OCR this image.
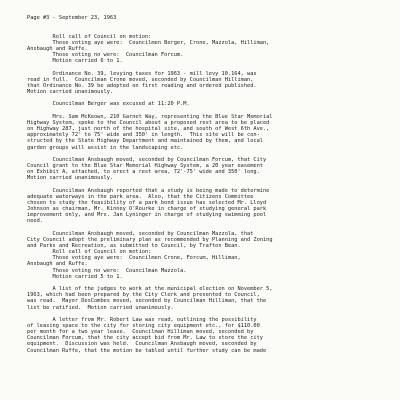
Page #3 - September 23, 1963

Roll call of Council on motion:
Those voting aye were:  Councilmen Berger, Crone, Mazzola, Hilliman,
Ansbaugh and Ruffe.
Those voting no were:  Councilman Forcum.
Motion carried 6 to 1.
Ordinance No. 39, levying taxes for 1963 - mill levy 10.164, was
read in full.  Councilman Crone moved, seconded by Councilman Hilliman,
that Ordinance No. 39 be adopted on first reading and ordered published.
Motion carried unanimously.
Councilman Berger was excused at 11:20 P.M.
Mrs. Sam McKeown, 210 Garnet Way, representing the Blue Star Memorial
Highway System, spoke to the Council about a proposed rest area to be placed
on Highway 287, just north of the hospital site, and south of West 6th Ave.,
approximately 72' to 75' wide and 350' in length.  This site will be con-
structed by the State Highway Department and maintained by them, and local
garden groups will assist in the landscaping etc.
Councilman Ansbaugh moved, seconded by Councilman Forcum, that City
Council grant to the Blue Star Memorial Highway System, a 20 year easement
on Exhibit A, attached, to erect a rest area, 72'-75' wide and 350' long.
Motion carried unanimously.
Councilman Ansbaugh reported that a study is being made to determine
adequate waterways in the park area.  Also, that the Citizens Committee
chosen to study the feasibility of a park bond issue has selected Mr. Lloyd
Johnson as chairman, Mr. Kinney O'Rourke in charge of studying general park
improvement only, and Mrs. Jan Lyninger in charge of studying swimming pool
need.
Councilman Ansbaugh moved, seconded by Councilman Mazzola, that
City Council adopt the preliminary plan as recommended by Planning and Zoning
and Parks and Recreation, as submitted to Council, by Trafton Bean.
Roll call of Council on motion:
Those voting aye were:  Councilmen Crone, Forcum, Hilliman,
Ansbaugh and Ruffe.
Those voting no were:  Councilman Mazzola.
Motion carried 5 to 1.
A list of the judges to work at the municipal election on November 5,
1963, which had been prepared by the City Clerk and presented to Council,
was read.  Mayor DesCombes moved, seconded by Councilman Hilliman, that the
list be ratified.  Motion carried unanimously.
A letter from Mr. Robert Law was read, outlining the possibility
of leasing space to the city for storing city equipment etc., for $110.00
per month for a two year lease.  Councilman Hilliman moved, seconded by
Councilman Forcum, that the city accept bid from Mr. Law to store the city
equipment.  Discussion was held.  Councilman Ansbaugh moved, seconded by
Councilman Ruffe, that the motion be tabled until further study can be made
